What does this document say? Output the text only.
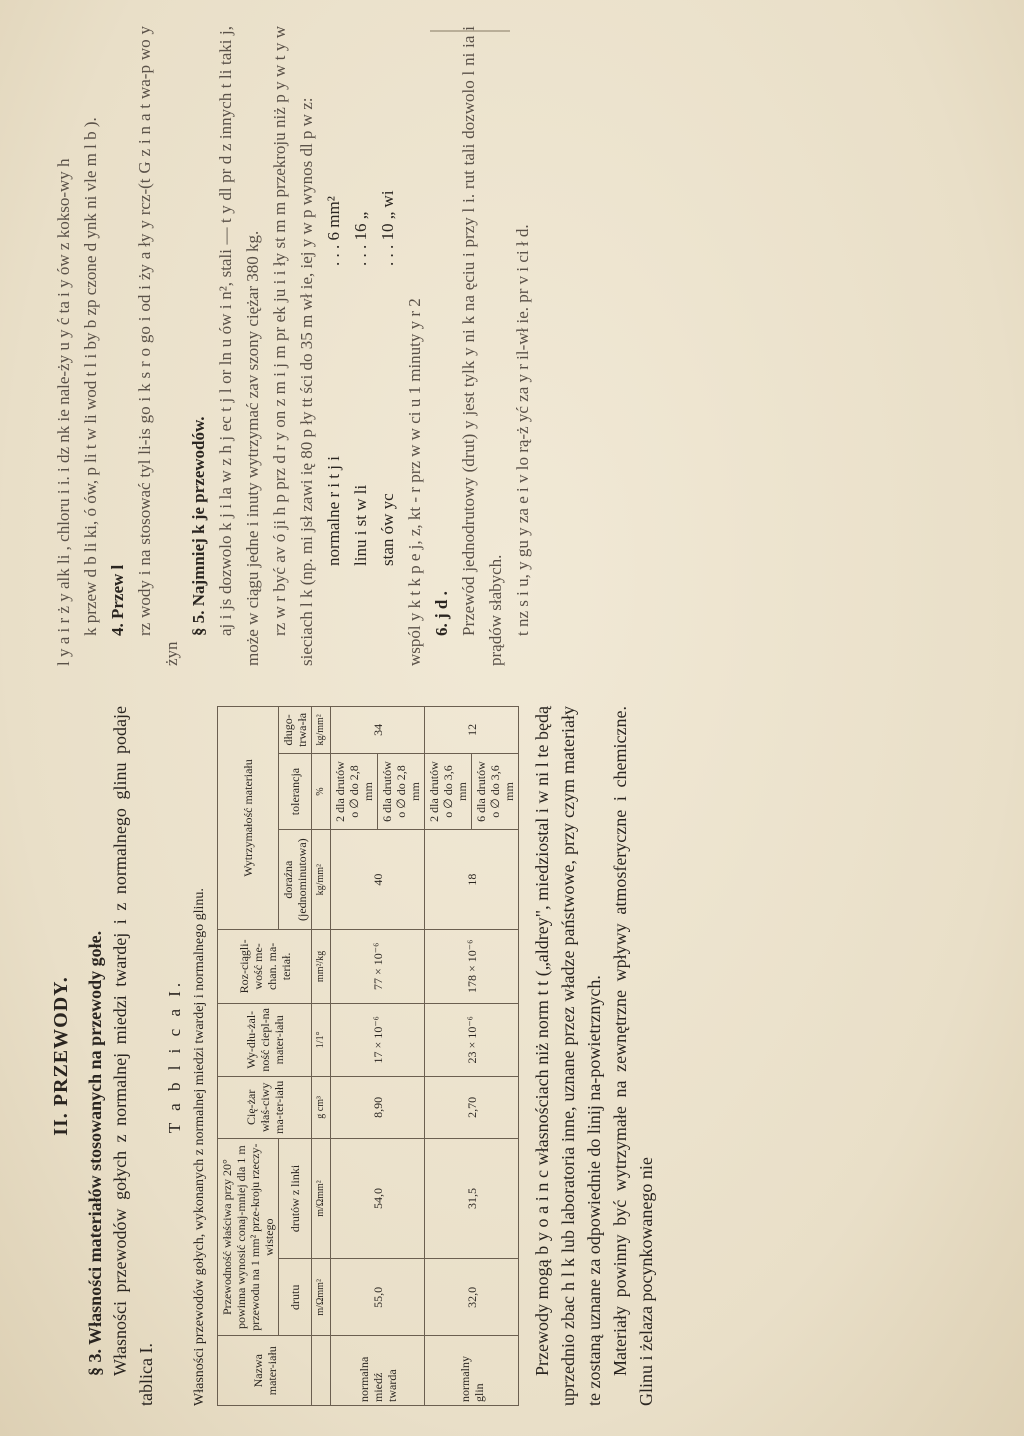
II. PRZEWODY. § 3. Własności materiałów stosowanych na przewody gołe. Własności przewodów gołych z normalnej miedzi twardej i z normalnego glinu podaje tablica I.

T a b l i c a I. Własności przewodów gołych, wykonanych z normalnej miedzi twardej i normalnego glinu.	Nazwa mater-iału	Przewodność właściwa przy 20° powinna wynosić conaj-mniej dla 1 m przewodu na 1 mm² prze-kroju rzeczy-wistego		Cię-żar właś-ciwy ma-ter-iału	Wy-dłu-żal-ność ciepl-na mater-iału	Roz-ciągli-wość me-chan. ma-teriał.	Wytrzymałość materiału		
	drutu	drutów z linki				doraźna (jednominutowa)	tolerancja	długo-trwa-ła
	m/Ωmm²	m/Ωmm²	g cm³	1/1°	mm²/kg	kg/mm²	%	kg/mm²
normalna miedź twarda	55,0	54,0	8,90	17 × 10⁻⁶	77 × 10⁻⁶	40	2 dla drutów o ∅ do 2,8 mm	34
							6 dla drutów o ∅ do 2,8 mm	
normalny glin	32,0	31,5	2,70	23 × 10⁻⁶	178 × 10⁻⁶	18	2 dla drutów o ∅ do 3,6 mm	12
							6 dla drutów o ∅ do 3,6 mm	Przewody mogą b y o a i n c własnościach niż norm t t („aldrey", miedziostal i w ni l te będą uprzednio zbac h l k lub laboratoria inne, uznane przez władze państwowe, przy czym materiały te zostaną uznane za odpowiednie do linij na-powietrznych. Materiały powinny być wytrzymałe na zewnętrzne wpływy atmosferyczne i chemiczne. Glinu i żelaza pocynkowanego nie

l y a i r ż y alk li , chloru i i. i dz nk ie nale-ży u y ć ta i y ów z kokso-wy h k przew d b li ki, ó ów, p li t w li wod t l i by b zp czone d ynk ni vle m l b ). 4. Przew l rz wody i na stosować tyl li-is go i k s r o go i od i ży a ły y rcz-(t G z i n a t wa-p wo y żyn

§ 5. Najmniej k je przewodów. aj i js dozwolo k j i la w z h j ec t j l or ln u ów i n², stali — t y dl pr d z innych t li taki j, może w ciągu jedne i inuty wytrzymać zav szony ciężar 380 kg. rz w r być av ó ji h p prz d r y on z m i j m pr ek ju i i ły st m m przekroju niż p y w t y w sieciach l k (np. mi jsł zawi ię 80 p ły tt ści do 35 m wł ie, iej y w p wynos dl p w z: normalne r i t j i. . . 6 mm²

linu i st w li. . . 16 „

stan ów yc. . . 10 „ wi

wspól y k t k p e j, z, kt - r prz w w ci u 1 minuty y r 2 6. j d . Przewód jednodrutowy (drut) y jest tylk y ni k na ęciu i przy l i. rut tali dozwolo l ni ia i prądów słabych. t nz s i u, y gu y za e i v lo rą-ż yć za y r il-wł ie. pr v i ci ł d.
